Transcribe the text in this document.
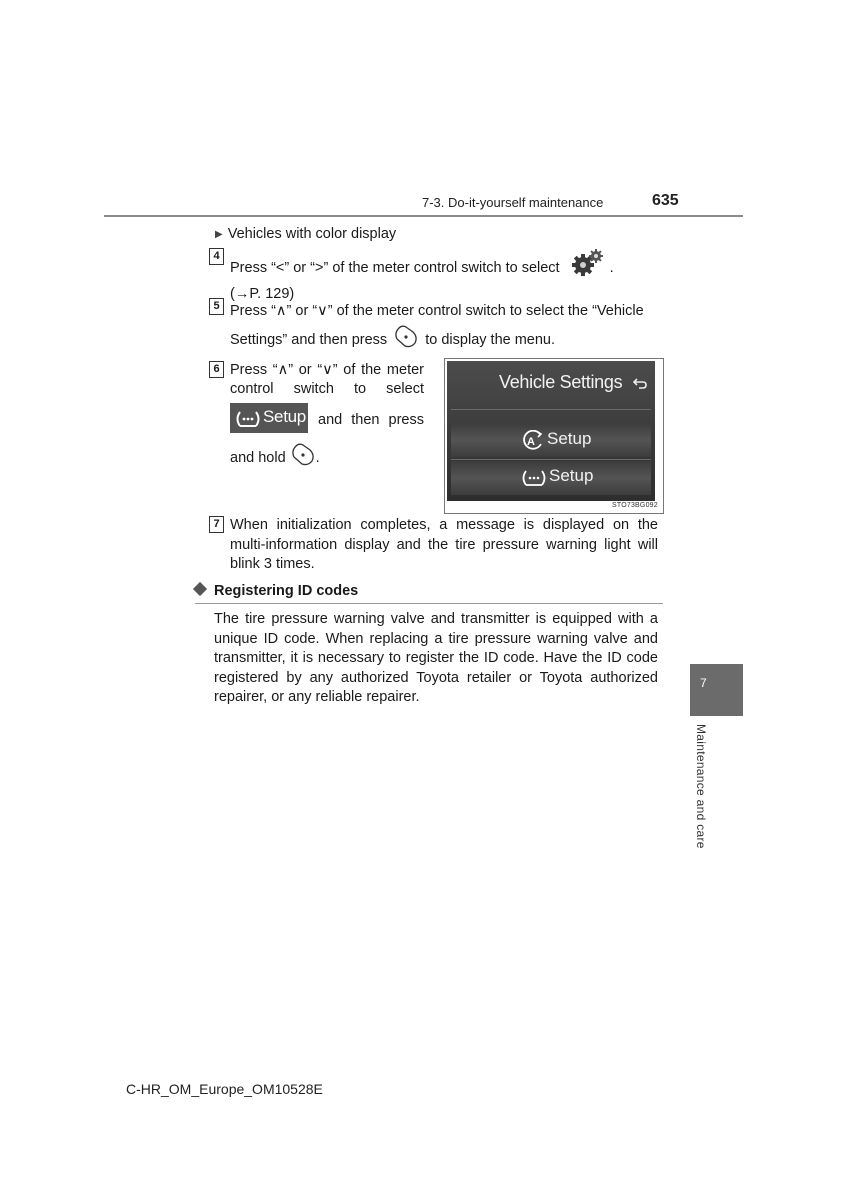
7-3. Do-it-yourself maintenance	635
▶ Vehicles with color display
4
Press “<” or “>” of the meter control switch to select	.
(→P. 129)
5 Press “∧” or “∨” of the meter control switch to select the “Vehicle
Settings” and then press	to display the menu.
6 Press “∧” or “∨” of the meter
control switch to select
Setup and then press
and hold .
Vehicle Settings
A Setup
Setup
STO73BG092
7 When initialization completes, a message is displayed on the multi-information display and the tire pressure warning light will blink 3 times.
Registering ID codes
The tire pressure warning valve and transmitter is equipped with a unique ID code. When replacing a tire pressure warning valve and transmitter, it is necessary to register the ID code. Have the ID code registered by any authorized Toyota retailer or Toyota authorized repairer, or any reliable repairer.
7
Maintenance and care
C-HR_OM_Europe_OM10528E
